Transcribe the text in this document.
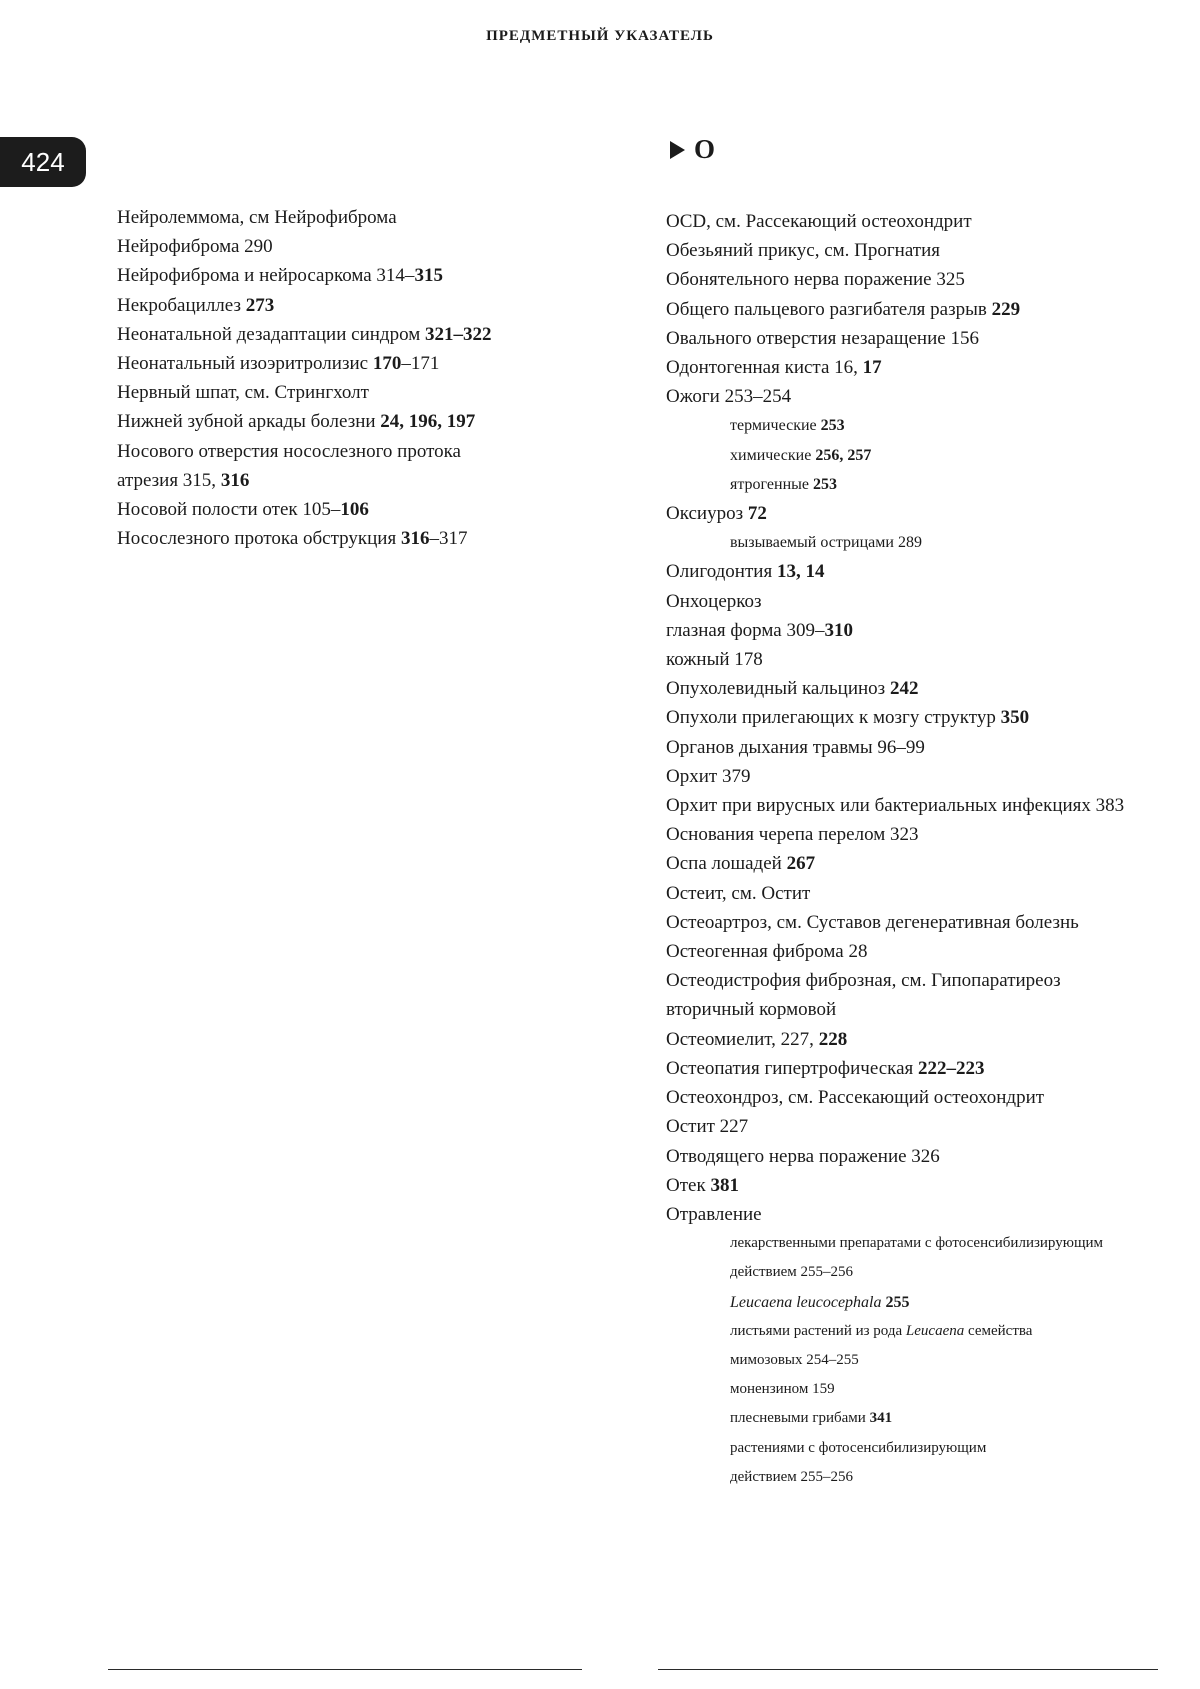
ПРЕДМЕТНЫЙ УКАЗАТЕЛЬ
424	O
Нейролеммома, см Нейрофиброма
Нейрофиброма 290
Нейрофиброма и нейросаркома 314–315
Некробациллез 273
Неонатальной дезадаптации синдром 321–322
Неонатальный изоэритролизис 170–171
Нервный шпат, см. Стрингхолт
Нижней зубной аркады болезни 24, 196, 197
Носового отверстия носослезного протока
атрезия 315, 316
Носовой полости отек 105–106
Носослезного протока обструкция 316–317
OCD, см. Рассекающий остеохондрит
Обезьяний прикус, см. Прогнатия
Обонятельного нерва поражение 325
Общего пальцевого разгибателя разрыв 229
Овального отверстия незаращение 156
Одонтогенная киста 16, 17
Ожоги 253–254
термические 253
химические 256, 257
ятрогенные 253
Оксиуроз 72
вызываемый острицами 289
Олигодонтия 13, 14
Онхоцеркоз
глазная форма 309–310
кожный 178
Опухолевидный кальциноз 242
Опухоли прилегающих к мозгу структур 350
Органов дыхания травмы 96–99
Орхит 379
Орхит при вирусных или бактериальных инфекциях 383
Основания черепа перелом 323
Оспа лошадей 267
Остеит, см. Остит
Остеоартроз, см. Суставов дегенеративная болезнь
Остеогенная фиброма 28
Остеодистрофия фиброзная, см. Гипопаратиреоз
вторичный кормовой
Остеомиелит, 227, 228
Остеопатия гипертрофическая 222–223
Остеохондроз, см. Рассекающий остеохондрит
Остит 227
Отводящего нерва поражение 326
Отек 381
Отравление
лекарственными препаратами с фотосенсибилизирующим
действием 255–256
Leucaena leucocephala 255
листьями растений из рода Leucaena семейства
мимозовых 254–255
монензином 159
плесневыми грибами 341
растениями с фотосенсибилизирующим
действием 255–256
